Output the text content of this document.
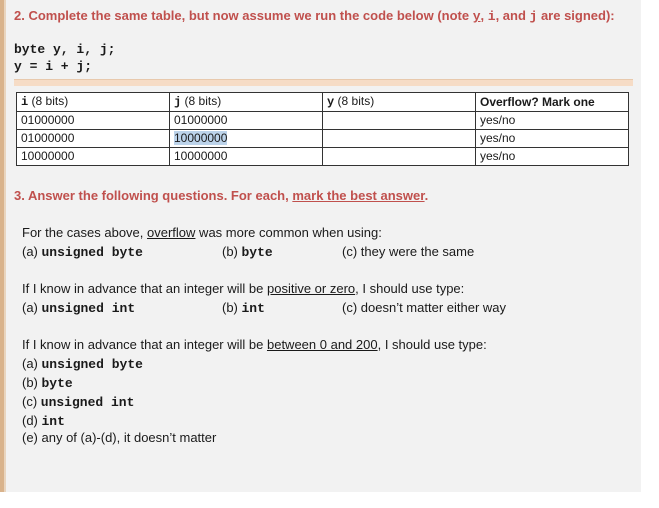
2. Complete the same table, but now assume we run the code below (note y, i, and j are signed):
byte y, i, j;
y = i + j;
i (8 bits)	j (8 bits)	y (8 bits)	Overflow? Mark one
01000000	01000000		yes/no
01000000	10000000		yes/no
10000000	10000000		yes/no
3. Answer the following questions. For each, mark the best answer.
For the cases above, overflow was more common when using:
(a) unsigned byte	(b) byte	(c) they were the same
If I know in advance that an integer will be positive or zero, I should use type:
(a) unsigned int	(b) int	(c) doesn’t matter either way
If I know in advance that an integer will be between 0 and 200, I should use type:
(a) unsigned byte
(b) byte
(c) unsigned int
(d) int
(e) any of (a)-(d), it doesn’t matter
